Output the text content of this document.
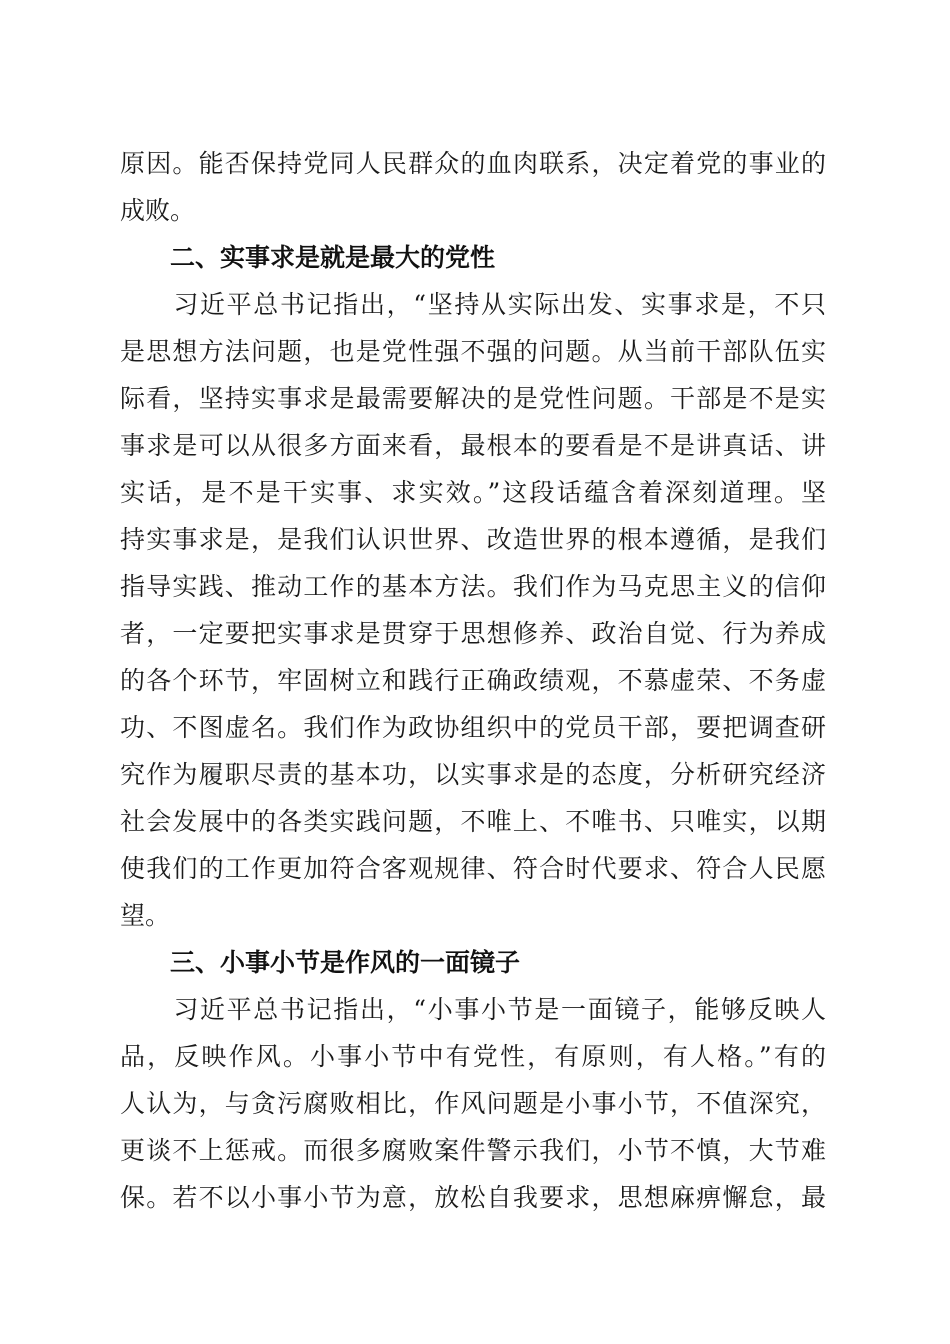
原因。能否保持党同人民群众的血肉联系，决定着党的事业的
成败。
二、实事求是就是最大的党性
　　习近平总书记指出，“坚持从实际出发、实事求是，不只
是思想方法问题，也是党性强不强的问题。从当前干部队伍实
际看，坚持实事求是最需要解决的是党性问题。干部是不是实
事求是可以从很多方面来看，最根本的要看是不是讲真话、讲
实话，是不是干实事、求实效。”这段话蕴含着深刻道理。坚
持实事求是，是我们认识世界、改造世界的根本遵循，是我们
指导实践、推动工作的基本方法。我们作为马克思主义的信仰
者，一定要把实事求是贯穿于思想修养、政治自觉、行为养成
的各个环节，牢固树立和践行正确政绩观，不慕虚荣、不务虚
功、不图虚名。我们作为政协组织中的党员干部，要把调查研
究作为履职尽责的基本功，以实事求是的态度，分析研究经济
社会发展中的各类实践问题，不唯上、不唯书、只唯实，以期
使我们的工作更加符合客观规律、符合时代要求、符合人民愿
望。
三、小事小节是作风的一面镜子
　　习近平总书记指出，“小事小节是一面镜子，能够反映人
品，反映作风。小事小节中有党性，有原则，有人格。”有的
人认为，与贪污腐败相比，作风问题是小事小节，不值深究，
更谈不上惩戒。而很多腐败案件警示我们，小节不慎，大节难
保。若不以小事小节为意，放松自我要求，思想麻痹懈怠，最
